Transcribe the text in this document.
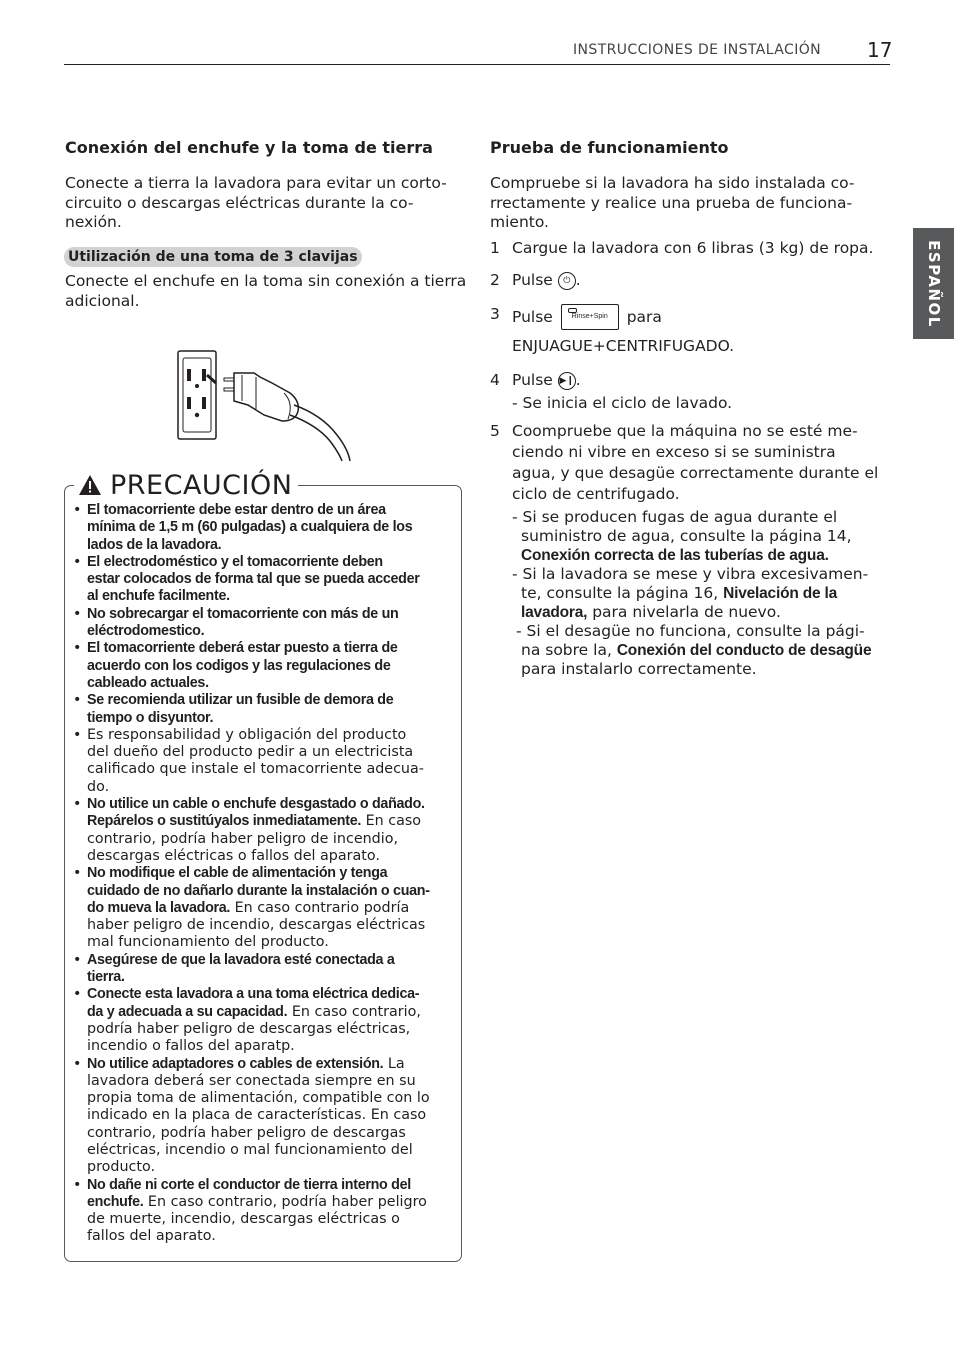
INSTRUCCIONES DE INSTALACIÓN 17
ESPAÑOL
Conexión del enchufe y la toma de tierra
Conecte a tierra la lavadora para evitar un corto-
circuito o descargas eléctricas durante la co-
nexión.
Utilización de una toma de 3 clavijas
Conecte el enchufe en la toma sin conexión a tierra
adicional.
PRECAUCIÓN
• El tomacorriente debe estar dentro de un área
mínima de 1,5 m (60 pulgadas) a cualquiera de los
lados de la lavadora.
• El electrodoméstico y el tomacorriente deben
estar colocados de forma tal que se pueda acceder
al enchufe facilmente.
• No sobrecargar el tomacorriente con más de un
eléctrodomestico.
• El tomacorriente deberá estar puesto a tierra de
acuerdo con los codigos y las regulaciones de
cableado actuales.
• Se recomienda utilizar un fusible de demora de
tiempo o disyuntor.
• Es responsabilidad y obligación del producto
del dueño del producto pedir a un electricista
calificado que instale el tomacorriente adecua-
do.
• No utilice un cable o enchufe desgastado o dañado.
Repárelos o sustitúyalos inmediatamente. En caso
contrario, podría haber peligro de incendio,
descargas eléctricas o fallos del aparato.
• No modifique el cable de alimentación y tenga
cuidado de no dañarlo durante la instalación o cuan-
do mueva la lavadora. En caso contrario podría
haber peligro de incendio, descargas eléctricas
mal funcionamiento del producto.
• Asegúrese de que la lavadora esté conectada a
tierra.
• Conecte esta lavadora a una toma eléctrica dedica-
da y adecuada a su capacidad. En caso contrario,
podría haber peligro de descargas eléctricas,
incendio o fallos del aparatp.
• No utilice adaptadores o cables de extensión. La
lavadora deberá ser conectada siempre en su
propia toma de alimentación, compatible con lo
indicado en la placa de características. En caso
contrario, podría haber peligro de descargas
eléctricas, incendio o mal funcionamiento del
producto.
• No dañe ni corte el conductor de tierra interno del
enchufe. En caso contrario, podría haber peligro
de muerte, incendio, descargas eléctricas o
fallos del aparato.
Prueba de funcionamiento
Compruebe si la lavadora ha sido instalada co-
rrectamente y realice una prueba de funciona-
miento.
1 Cargue la lavadora con 6 libras (3 kg) de ropa.
2 Pulse ⏻ .
3 Pulse	Rinse+Spin	para
ENJUAGUE+CENTRIFUGADO.
4 Pulse ▶❙ .
- Se inicia el ciclo de lavado.
5 Coompruebe que la máquina no se esté me-
ciendo ni vibre en exceso si se suministra
agua, y que desagüe correctamente durante el
ciclo de centrifugado.
- Si se producen fugas de agua durante el
suministro de agua, consulte la página 14,
Conexión correcta de las tuberías de agua.
- Si la lavadora se mese y vibra excesivamen-
te, consulte la página 16, Nivelación de la
lavadora, para nivelarla de nuevo.
- Si el desagüe no funciona, consulte la pági-
na sobre la, Conexión del conducto de desagüe
para instalarlo correctamente.
